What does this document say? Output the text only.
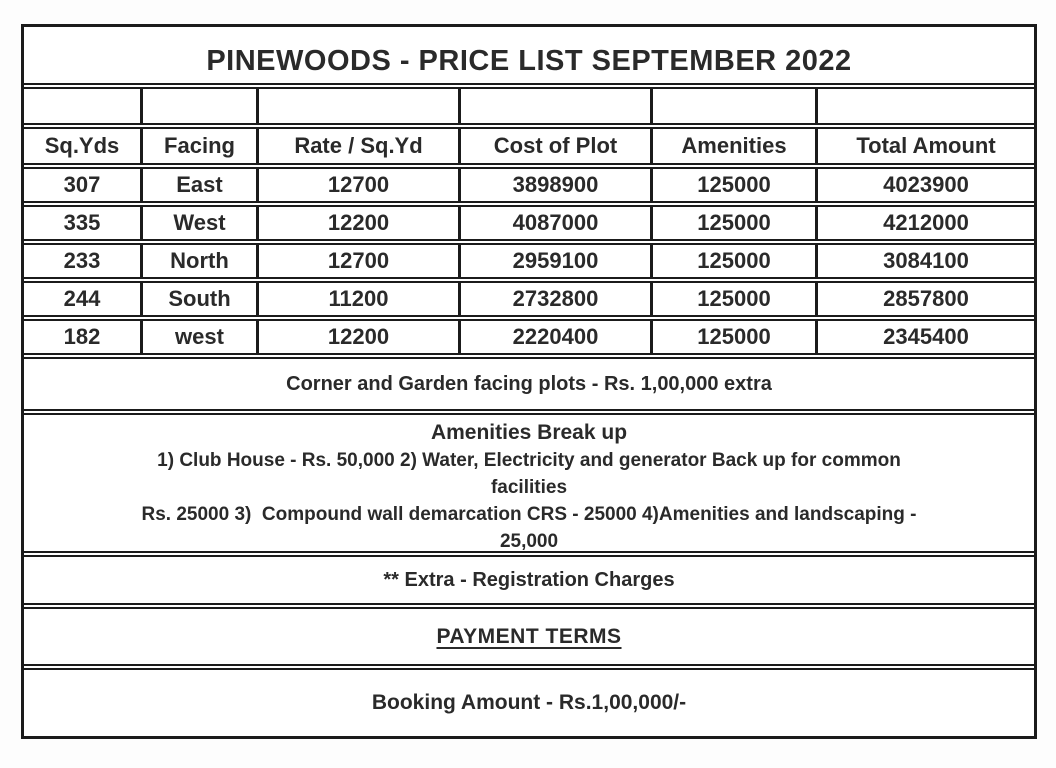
PINEWOODS - PRICE LIST SEPTEMBER 2022
Sq.Yds	Facing	Rate / Sq.Yd	Cost of Plot	Amenities	Total Amount
307	East	12700	3898900	125000	4023900
335	West	12200	4087000	125000	4212000
233	North	12700	2959100	125000	3084100
244	South	11200	2732800	125000	2857800
182	west	12200	2220400	125000	2345400
Corner and Garden facing plots - Rs. 1,00,000 extra
Amenities Break up
1) Club House - Rs. 50,000 2) Water, Electricity and generator Back up for common
facilities
Rs. 25000 3)  Compound wall demarcation CRS - 25000 4)Amenities and landscaping -
25,000
** Extra - Registration Charges
PAYMENT TERMS
Booking Amount - Rs.1,00,000/-
